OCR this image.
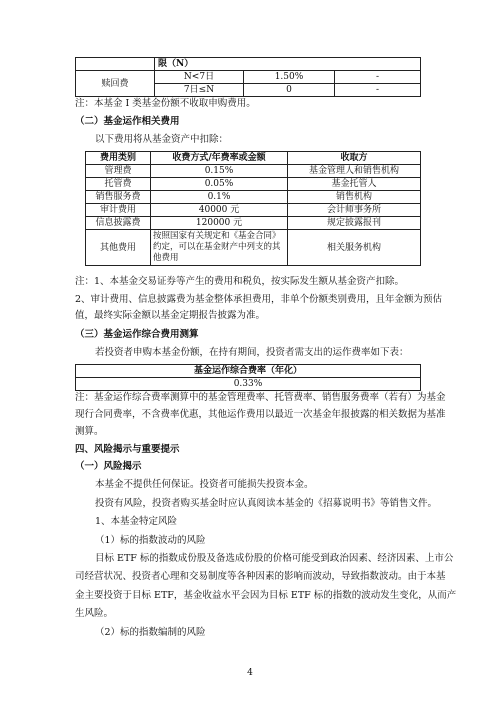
	限（N）		
赎回费	N<7日	1.50%	-
	7日≤N	0	-
注：本基金 I 类基金份额不收取申购费用。
（二）基金运作相关费用
以下费用将从基金资产中扣除：
费用类别	收费方式/年费率或金额	收取方
管理费	0.15%	基金管理人和销售机构
托管费	0.05%	基金托管人
销售服务费	0.1%	销售机构
审计费用	40000 元	会计师事务所
信息披露费	120000 元	规定披露报刊
其他费用	按照国家有关规定和《基金合同》约定，可以在基金财产中列支的其他费用	相关服务机构
注：1、本基金交易证券等产生的费用和税负，按实际发生额从基金资产扣除。
2、审计费用、信息披露费为基金整体承担费用，非单个份额类别费用，且年金额为预估
值，最终实际金额以基金定期报告披露为准。
（三）基金运作综合费用测算
若投资者申购本基金份额，在持有期间，投资者需支出的运作费率如下表：
基金运作综合费率（年化）
0.33%
注：基金运作综合费率测算中的基金管理费率、托管费率、销售服务费率（若有）为基金
现行合同费率，不含费率优惠，其他运作费用以最近一次基金年报披露的相关数据为基准
测算。
四、风险揭示与重要提示
（一）风险揭示
本基金不提供任何保证。投资者可能损失投资本金。
投资有风险，投资者购买基金时应认真阅读本基金的《招募说明书》等销售文件。
1、本基金特定风险
（1）标的指数波动的风险
目标 ETF 标的指数成份股及备选成份股的价格可能受到政治因素、经济因素、上市公
司经营状况、投资者心理和交易制度等各种因素的影响而波动，导致指数波动。由于本基
金主要投资于目标 ETF，基金收益水平会因为目标 ETF 标的指数的波动发生变化，从而产
生风险。
（2）标的指数编制的风险
4
